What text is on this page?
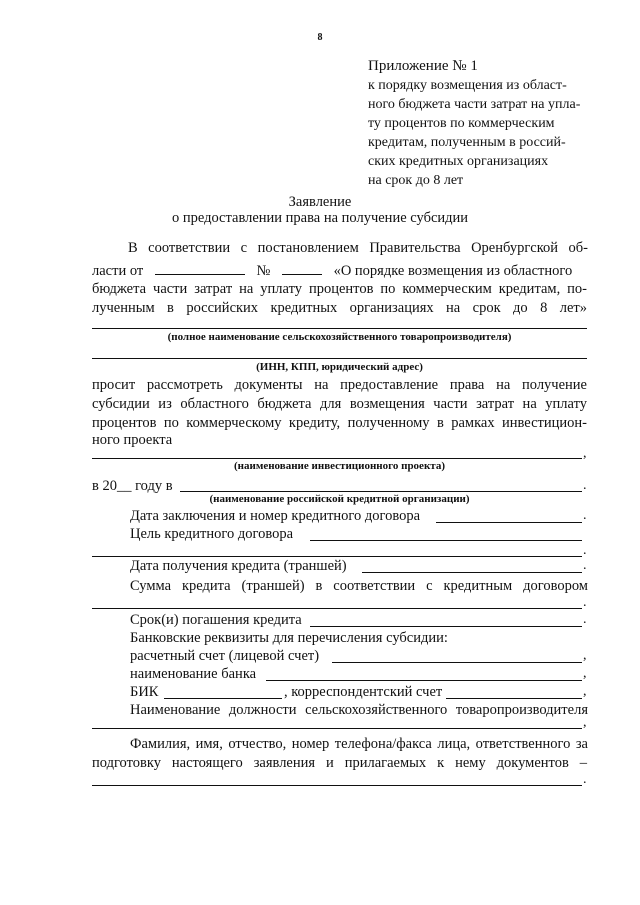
8
Приложение № 1
к порядку возмещения из област-
ного бюджета части затрат на упла-
ту процентов по коммерческим
кредитам, полученным в россий-
ских кредитных организациях
на срок до 8 лет
Заявление
о предоставлении права на получение субсидии
В соответствии с постановлением Правительства Оренбургской об-
ласти от	№	«О порядке возмещения из областного
бюджета части затрат на уплату процентов по коммерческим кредитам, по-
лученным в российских кредитных организациях на срок до 8 лет»
(полное наименование сельскохозяйственного товаропроизводителя)
(ИНН, КПП, юридический адрес)
просит рассмотреть документы на предоставление права на получение
субсидии из областного бюджета для возмещения части затрат на уплату
процентов по коммерческому кредиту, полученному в рамках инвестицион-
ного проекта
,
(наименование инвестиционного проекта)
в 20__ году в	.
(наименование российской кредитной организации)
Дата заключения и номер кредитного договора	.
Цель кредитного договора
.
Дата получения кредита (траншей)	.
Сумма кредита (траншей) в соответствии с кредитным договором
.
Срок(и) погашения кредита	.
Банковские реквизиты для перечисления субсидии:
расчетный счет (лицевой счет)	,
наименование банка	,
БИК	, корреспондентский счет	,
Наименование должности сельскохозяйственного товаропроизводителя
,
Фамилия, имя, отчество, номер телефона/факса лица, ответственного за
подготовку настоящего заявления и прилагаемых к нему документов –
.
